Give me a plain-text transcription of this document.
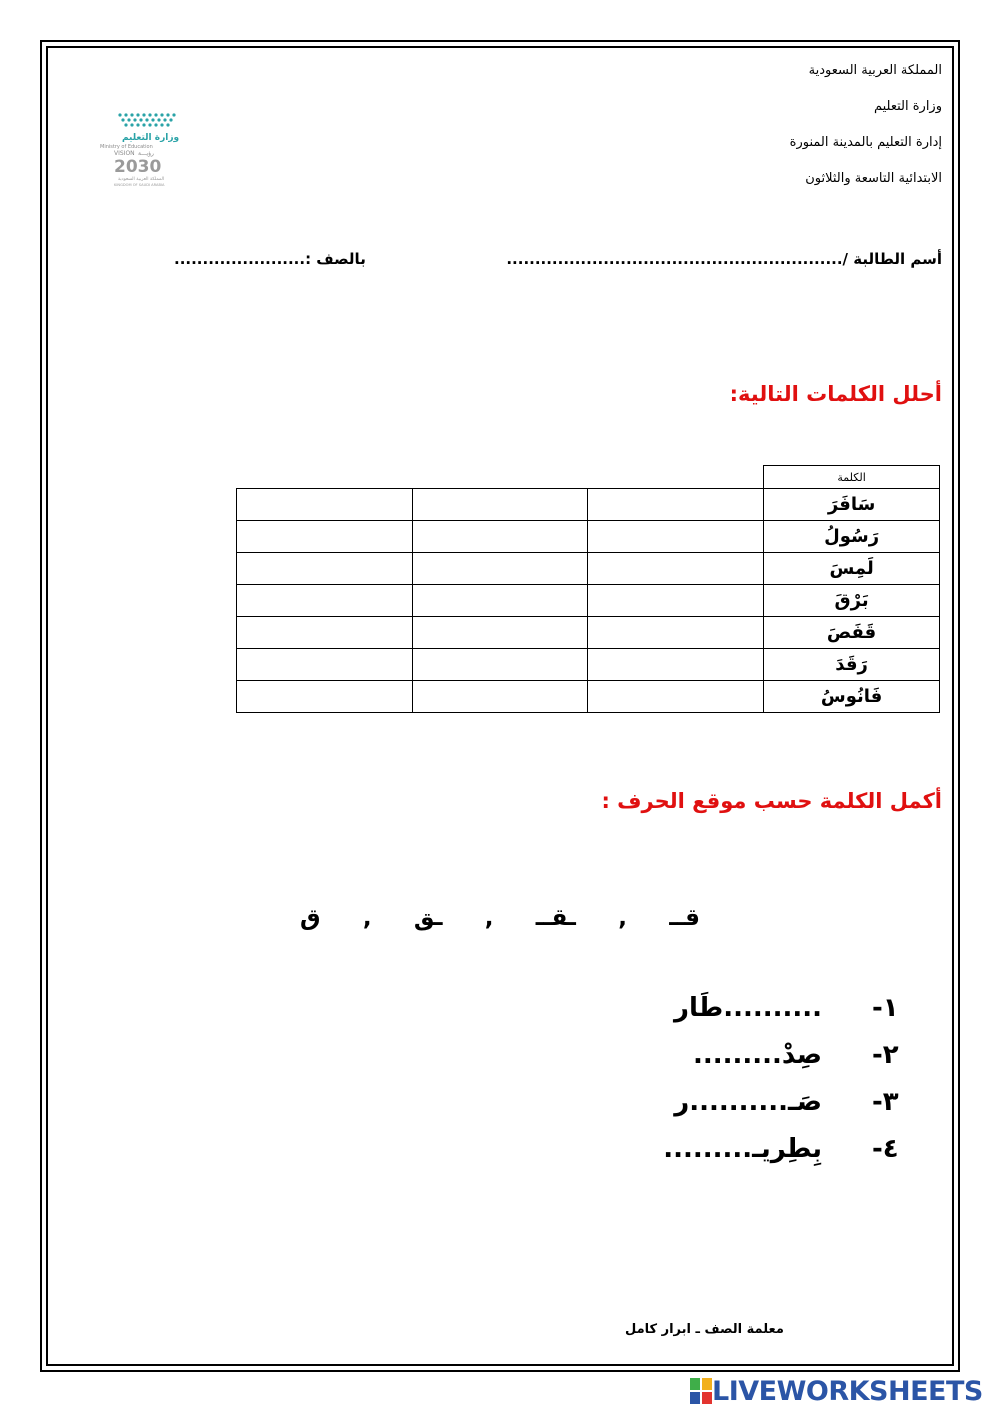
المملكة العربية السعودية
وزارة التعليم
إدارة التعليم بالمدينة المنورة
الابتدائية التاسعة والثلاثون
وزارة التعليم
Ministry of Education
VISION رؤيـــة
2030
المملكة العربية السعودية
KINGDOM OF SAUDI ARABIA
أسم الطالبة /...........................................................
بالصف :.......................
أحلل الكلمات التالية:
			الكلمة
			سَافَرَ
			رَسُولُ
			لَمِسَ
			بَرْقَ
			قَفَصَ
			رَقَدَ
			فَانُوسُ
أكمل الكلمة حسب موقع الحرف :
قــ
,
ـقــ
,
ـق
,
ق
١-
..........طَار
٢-
صِدْ.........
٣-
صَـ..........ر
٤-
بِطِريـ.........
معلمة الصف ـ ابرار كامل
LIVEWORKSHEETS
